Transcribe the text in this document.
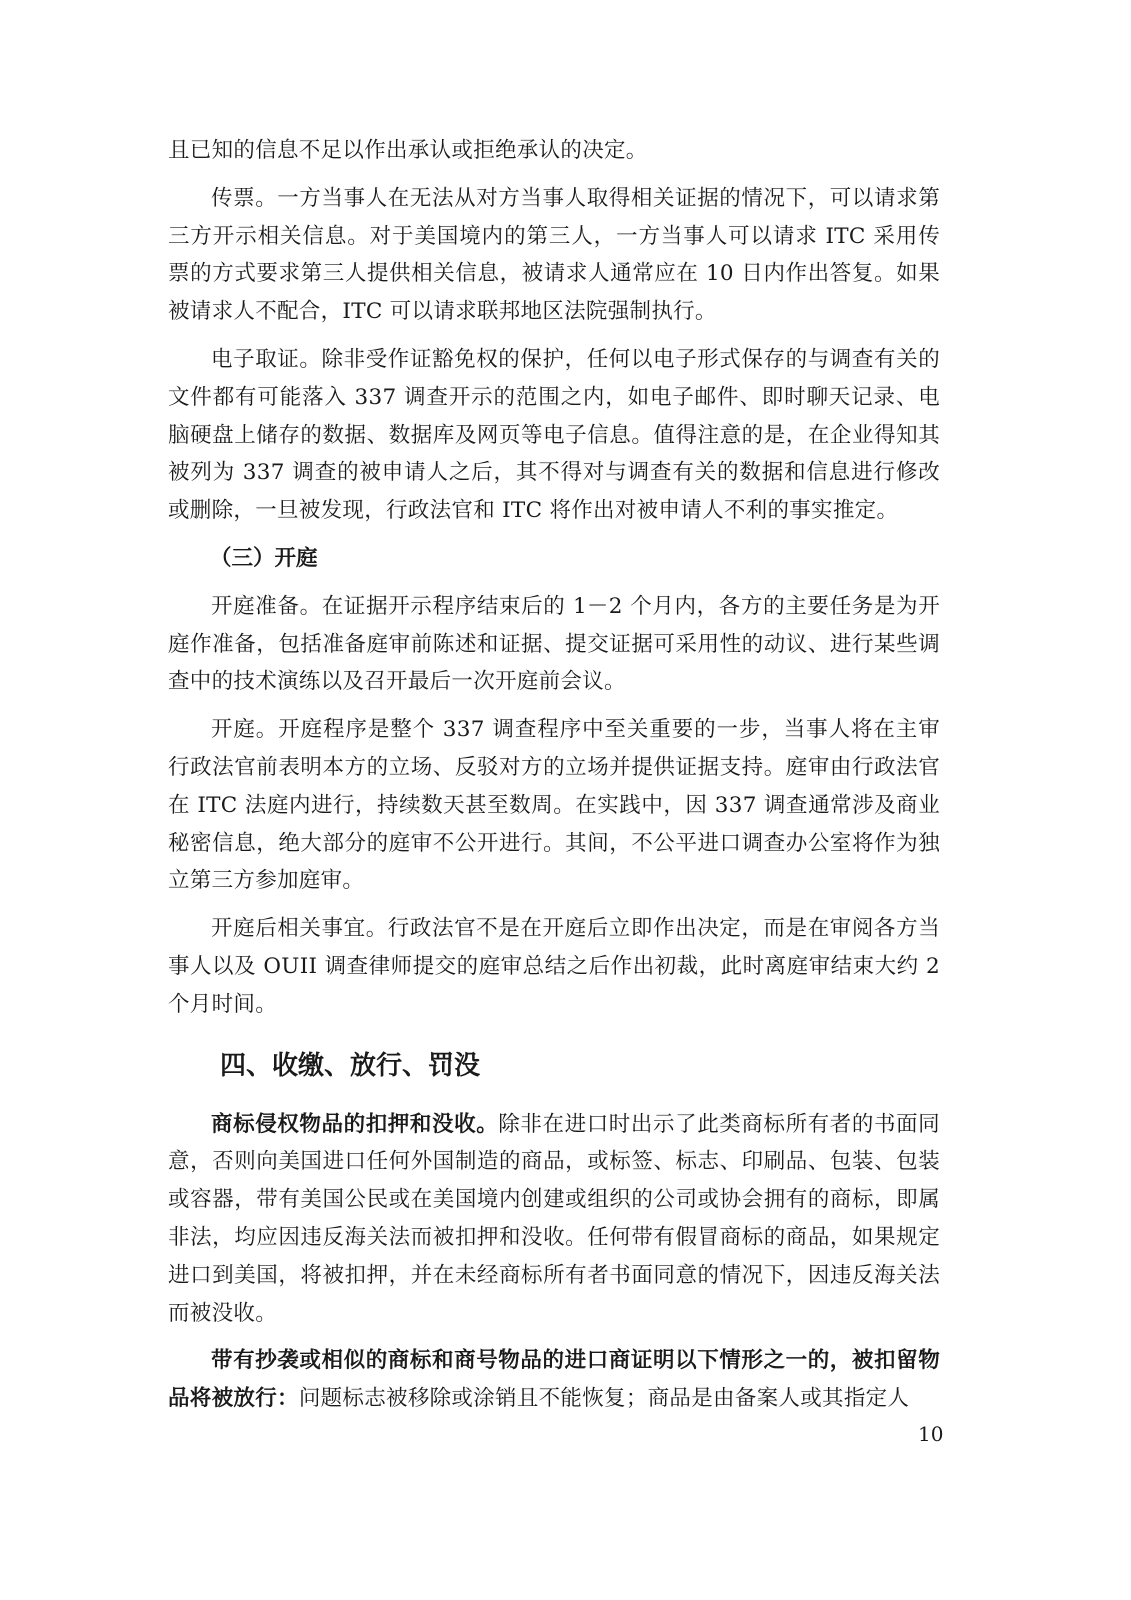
且已知的信息不足以作出承认或拒绝承认的决定。

传票。一方当事人在无法从对方当事人取得相关证据的情况下，可以请求第三方开示相关信息。对于美国境内的第三人，一方当事人可以请求 ITC 采用传票的方式要求第三人提供相关信息，被请求人通常应在 10 日内作出答复。如果被请求人不配合，ITC 可以请求联邦地区法院强制执行。

电子取证。除非受作证豁免权的保护，任何以电子形式保存的与调查有关的文件都有可能落入 337 调查开示的范围之内，如电子邮件、即时聊天记录、电脑硬盘上储存的数据、数据库及网页等电子信息。值得注意的是，在企业得知其被列为 337 调查的被申请人之后，其不得对与调查有关的数据和信息进行修改或删除，一旦被发现，行政法官和 ITC 将作出对被申请人不利的事实推定。

（三）开庭

开庭准备。在证据开示程序结束后的 1－2 个月内，各方的主要任务是为开庭作准备，包括准备庭审前陈述和证据、提交证据可采用性的动议、进行某些调查中的技术演练以及召开最后一次开庭前会议。

开庭。开庭程序是整个 337 调查程序中至关重要的一步，当事人将在主审行政法官前表明本方的立场、反驳对方的立场并提供证据支持。庭审由行政法官在 ITC 法庭内进行，持续数天甚至数周。在实践中，因 337 调查通常涉及商业秘密信息，绝大部分的庭审不公开进行。其间，不公平进口调查办公室将作为独立第三方参加庭审。

开庭后相关事宜。行政法官不是在开庭后立即作出决定，而是在审阅各方当事人以及 OUII 调查律师提交的庭审总结之后作出初裁，此时离庭审结束大约 2 个月时间。

四、收缴、放行、罚没

商标侵权物品的扣押和没收。除非在进口时出示了此类商标所有者的书面同意，否则向美国进口任何外国制造的商品，或标签、标志、印刷品、包装、包装或容器，带有美国公民或在美国境内创建或组织的公司或协会拥有的商标，即属非法，均应因违反海关法而被扣押和没收。任何带有假冒商标的商品，如果规定进口到美国，将被扣押，并在未经商标所有者书面同意的情况下，因违反海关法而被没收。

带有抄袭或相似的商标和商号物品的进口商证明以下情形之一的，被扣留物品将被放行：问题标志被移除或涂销且不能恢复；商品是由备案人或其指定人

10
